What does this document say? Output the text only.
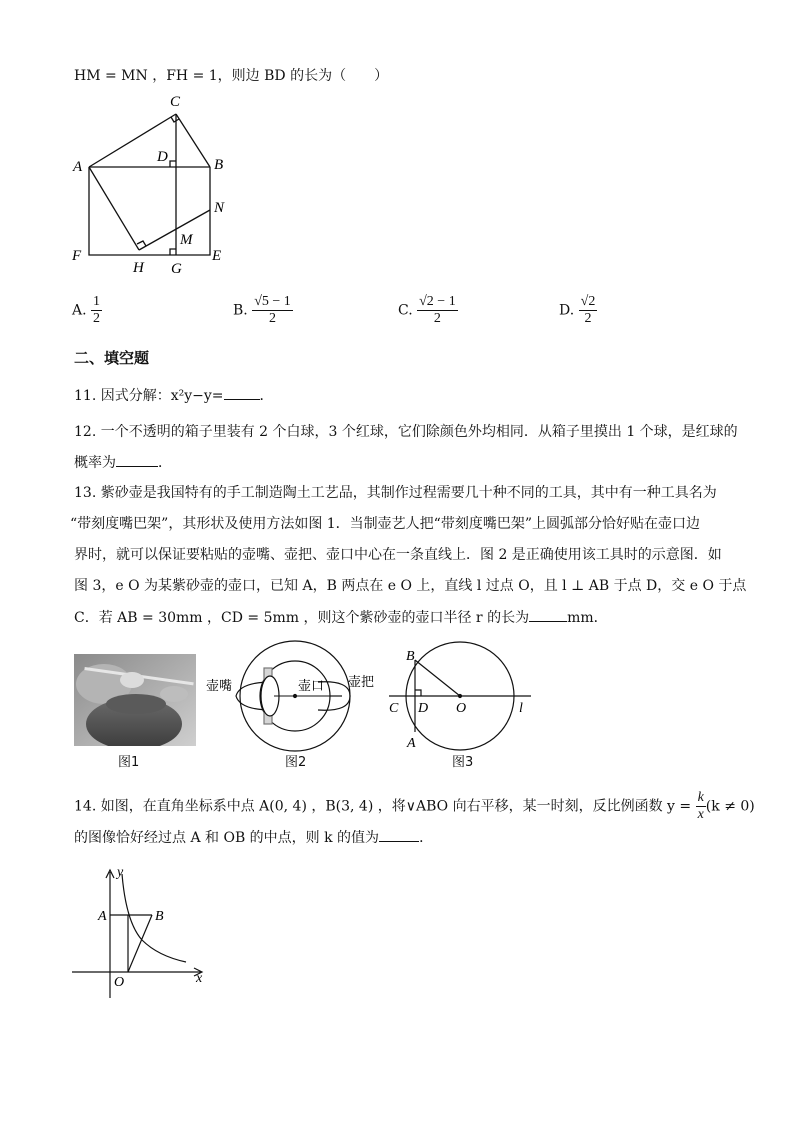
HM = MN ，FH = 1，则边 BD 的长为（　　）
C
A
D	B
N
M
F
H G
E
A. $\frac{1}{2}$	B. $\frac{√5 - 1}{2}$	C. $\frac{√2 - 1}{2}$	D. $\frac{√2}{2}$
二、填空题
11. 因式分解：x²y−y=	．
12. 一个不透明的箱子里装有 2 个白球，3 个红球，它们除颜色外均相同．从箱子里摸出 1 个球，是红球的
概率为	．
13. 紫砂壶是我国特有的手工制造陶土工艺品，其制作过程需要几十种不同的工具，其中有一种工具名为
“带刻度嘴巴架”，其形状及使用方法如图 1．当制壶艺人把“带刻度嘴巴架”上圆弧部分恰好贴在壶口边
界时，就可以保证要粘贴的壶嘴、壶把、壶口中心在一条直线上．图 2 是正确使用该工具时的示意图．如
图 3，e O 为某紫砂壶的壶口，已知 A，B 两点在 e O 上，直线 l 过点 O，且 l ⊥ AB 于点 D，交 e O 于点
C．若 AB = 30mm ，CD = 5mm ，则这个紫砂壶的壶口半径 r 的长为	mm．
图1
壶嘴	壶口 壶把
图2
B
C D O	l
A
图3
14. 如图，在直角坐标系中点 A(0, 4) ，B(3, 4) ，将∨ABO 向右平移，某一时刻，反比例函数 $y = \frac{k}{x} (k \ne 0)$
的图像恰好经过点 A 和 OB 的中点，则 k 的值为	．
y
A	B
O	x
